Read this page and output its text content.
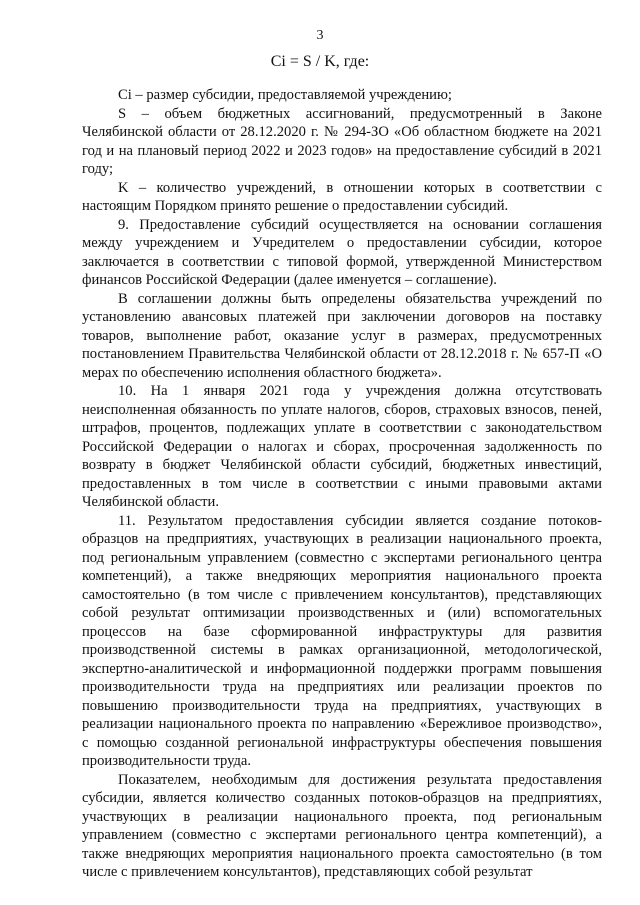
3
Ci = S / K, где:

Ci – размер субсидии, предоставляемой учреждению;

S – объем бюджетных ассигнований, предусмотренный в Законе Челябинской области от 28.12.2020 г. № 294-ЗО «Об областном бюджете на 2021 год и на плановый период 2022 и 2023 годов» на предоставление субсидий в 2021 году;

K – количество учреждений, в отношении которых в соответствии с настоящим Порядком принято решение о предоставлении субсидий.

9. Предоставление субсидий осуществляется на основании соглашения между учреждением и Учредителем о предоставлении субсидии, которое заключается в соответствии с типовой формой, утвержденной Министерством финансов Российской Федерации (далее именуется – соглашение).

В соглашении должны быть определены обязательства учреждений по установлению авансовых платежей при заключении договоров на поставку товаров, выполнение работ, оказание услуг в размерах, предусмотренных постановлением Правительства Челябинской области от 28.12.2018 г. № 657-П «О мерах по обеспечению исполнения областного бюджета».

10. На 1 января 2021 года у учреждения должна отсутствовать неисполненная обязанность по уплате налогов, сборов, страховых взносов, пеней, штрафов, процентов, подлежащих уплате в соответствии с законодательством Российской Федерации о налогах и сборах, просроченная задолженность по возврату в бюджет Челябинской области субсидий, бюджетных инвестиций, предоставленных в том числе в соответствии с иными правовыми актами Челябинской области.

11. Результатом предоставления субсидии является создание потоков-образцов на предприятиях, участвующих в реализации национального проекта, под региональным управлением (совместно с экспертами регионального центра компетенций), а также внедряющих мероприятия национального проекта самостоятельно (в том числе с привлечением консультантов), представляющих собой результат оптимизации производственных и (или) вспомогательных процессов на базе сформированной инфраструктуры для развития производственной системы в рамках организационной, методологической, экспертно-аналитической и информационной поддержки программ повышения производительности труда на предприятиях или реализации проектов по повышению производительности труда на предприятиях, участвующих в реализации национального проекта по направлению «Бережливое производство», с помощью созданной региональной инфраструктуры обеспечения повышения производительности труда.

Показателем, необходимым для достижения результата предоставления субсидии, является количество созданных потоков-образцов на предприятиях, участвующих в реализации национального проекта, под региональным управлением (совместно с экспертами регионального центра компетенций), а также внедряющих мероприятия национального проекта самостоятельно (в том числе с привлечением консультантов), представляющих собой результат
